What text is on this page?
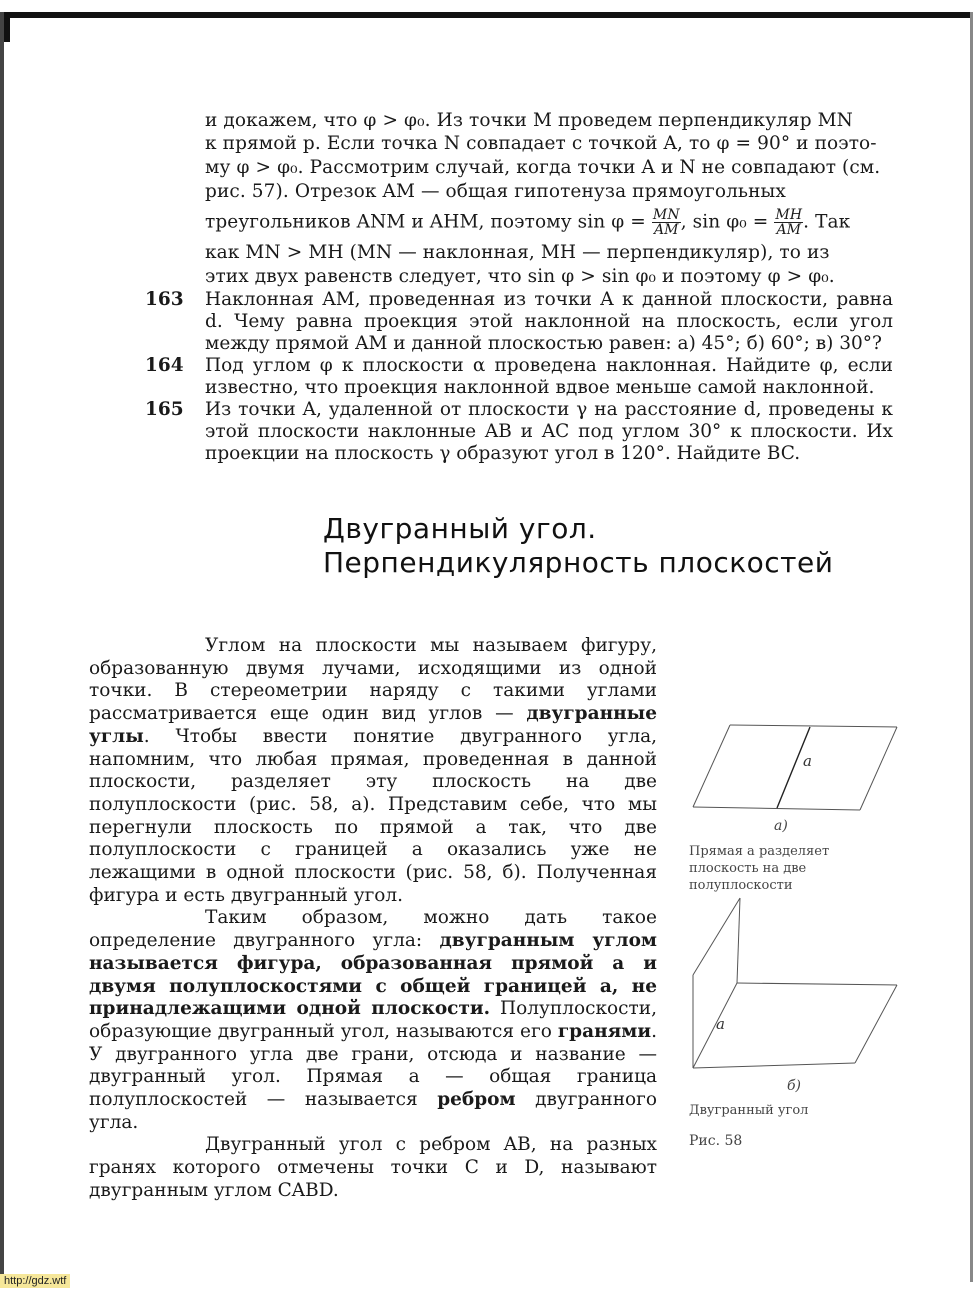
и докажем, что φ > φ₀. Из точки M проведем перпендикуляр MN
к прямой p. Если точка N совпадает с точкой A, то φ = 90° и поэто-
му φ > φ₀. Рассмотрим случай, когда точки A и N не совпадают (см.
рис. 57). Отрезок AM — общая гипотенуза прямоугольных
треугольников ANM и AHM, поэтому $\sin \varphi = \frac{MN}{AM}$ , $\sin \varphi_0 = \frac{MH}{AM}$ . Так
как MN > MH (MN — наклонная, MH — перпендикуляр), то из
этих двух равенств следует, что sin φ > sin φ₀ и поэтому φ > φ₀.
163 Наклонная AM, проведенная из точки A к данной плоскости, равна d. Чему равна проекция этой наклонной на плоскость, если угол между прямой AM и данной плоскостью равен: а) 45°; б) 60°; в) 30°?

164 Под углом φ к плоскости α проведена наклонная. Найдите φ, если известно, что проекция наклонной вдвое меньше самой наклонной.

165 Из точки A, удаленной от плоскости γ на расстояние d, проведены к этой плоскости наклонные AB и AC под углом 30° к плоскости. Их проекции на плоскость γ образуют угол в 120°. Найдите BC.

Двугранный угол.
Перпендикулярность плоскостей

Углом на плоскости мы называем фигуру, образованную двумя лучами, исходящими из одной точки. В стереометрии наряду с такими углами рассматривается еще один вид углов — двугранные углы. Чтобы ввести понятие двугранного угла, напомним, что любая прямая, проведенная в данной плоскости, разделяет эту плоскость на две полуплоскости (рис. 58, а). Представим себе, что мы перегнули плоскость по прямой a так, что две полуплоскости с границей a оказались уже не лежащими в одной плоскости (рис. 58, б). Полученная фигура и есть двугранный угол.

Таким образом, можно дать такое определение двугранного угла: двугранным углом называется фигура, образованная прямой a и двумя полуплоскостями с общей границей a, не принадлежащими одной плоскости. Полуплоскости, образующие двугранный угол, называются его гранями. У двугранного угла две грани, отсюда и название — двугранный угол. Прямая a — общая граница полуплоскостей — называется ребром двугранного угла.

Двугранный угол с ребром AB, на разных гранях которого отмечены точки C и D, называют двугранным углом CABD.

a
а)
Прямая a разделяет плоскость на две полуплоскости
a
б)
Двугранный угол
Рис. 58
http://gdz.wtf
